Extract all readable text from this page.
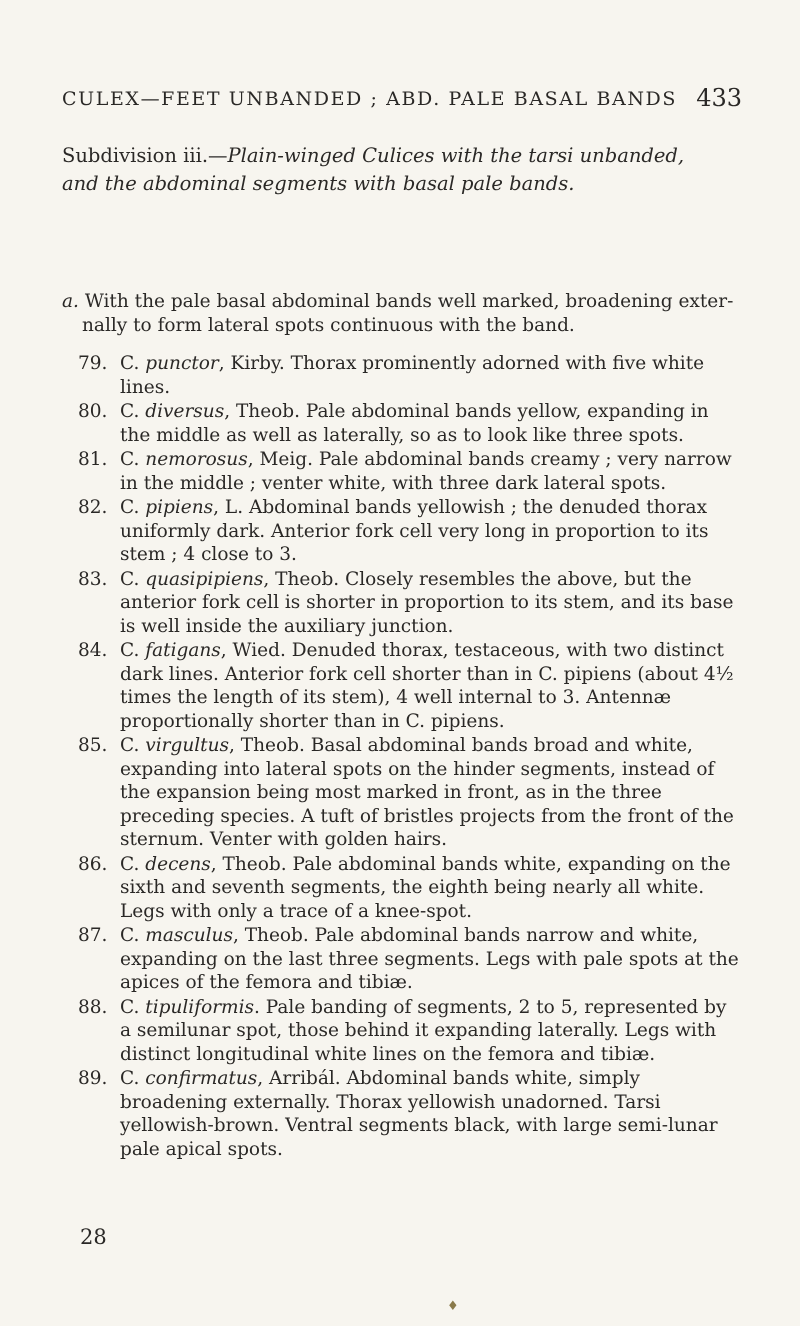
CULEX—FEET UNBANDED ; ABD. PALE BASAL BANDS 433
Subdivision iii.—Plain-winged Culices with the tarsi unbanded,
and the abdominal segments with basal pale bands.
a. With the pale basal abdominal bands well marked, broadening exter-
nally to form lateral spots continuous with the band.
79. C. punctor, Kirby. Thorax prominently adorned with five white lines.
80. C. diversus, Theob. Pale abdominal bands yellow, expanding in the middle as well as laterally, so as to look like three spots.
81. C. nemorosus, Meig. Pale abdominal bands creamy ; very narrow in the middle ; venter white, with three dark lateral spots.
82. C. pipiens, L. Abdominal bands yellowish ; the denuded thorax uniformly dark. Anterior fork cell very long in proportion to its stem ; 4 close to 3.
83. C. quasipipiens, Theob. Closely resembles the above, but the anterior fork cell is shorter in proportion to its stem, and its base is well inside the auxiliary junction.
84. C. fatigans, Wied. Denuded thorax, testaceous, with two distinct dark lines. Anterior fork cell shorter than in C. pipiens (about 4½ times the length of its stem), 4 well internal to 3. Antennæ proportionally shorter than in C. pipiens.
85. C. virgultus, Theob. Basal abdominal bands broad and white, expanding into lateral spots on the hinder segments, instead of the expansion being most marked in front, as in the three preceding species. A tuft of bristles projects from the front of the sternum. Venter with golden hairs.
86. C. decens, Theob. Pale abdominal bands white, expanding on the sixth and seventh segments, the eighth being nearly all white. Legs with only a trace of a knee-spot.
87. C. masculus, Theob. Pale abdominal bands narrow and white, expanding on the last three segments. Legs with pale spots at the apices of the femora and tibiæ.
88. C. tipuliformis. Pale banding of segments, 2 to 5, represented by a semilunar spot, those behind it expanding laterally. Legs with distinct longitudinal white lines on the femora and tibiæ.
89. C. confirmatus, Arribál. Abdominal bands white, simply broadening externally. Thorax yellowish unadorned. Tarsi yellowish-brown. Ventral segments black, with large semi-lunar pale apical spots.
28
♦
